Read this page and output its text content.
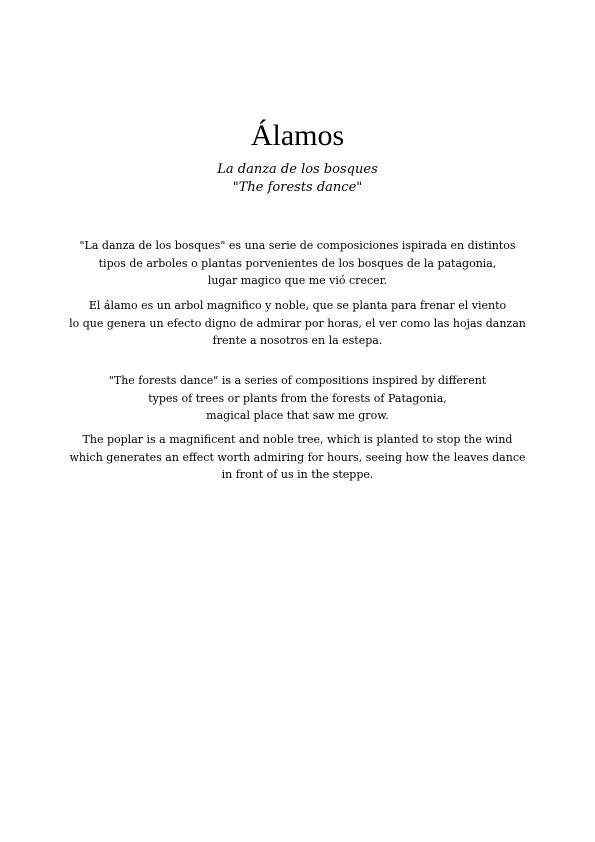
Álamos

La danza de los bosques

"The forests dance"

"La danza de los bosques" es una serie de composiciones ispirada en distintos
tipos de arboles o plantas porvenientes de los bosques de la patagonia,
lugar magico que me vió crecer.

El álamo es un arbol magnifico y noble, que se planta para frenar el viento
lo que genera un efecto digno de admirar por horas, el ver como las hojas danzan
frente a nosotros en la estepa.

"The forests dance" is a series of compositions inspired by different
types of trees or plants from the forests of Patagonia,
magical place that saw me grow.

The poplar is a magnificent and noble tree, which is planted to stop the wind
which generates an effect worth admiring for hours, seeing how the leaves dance
in front of us in the steppe.
